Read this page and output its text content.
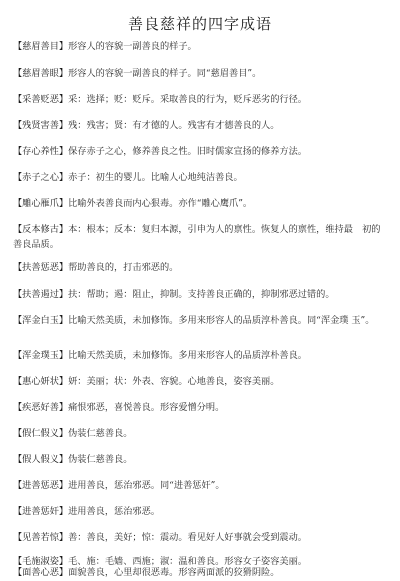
善良慈祥的四字成语
【慈眉善目】形容人的容貌一副善良的样子。
【慈眉善眼】形容人的容貌一副善良的样子。同“慈眉善目”。
【采善贬恶】采：选择；贬：贬斥。采取善良的行为，贬斥恶劣的行径。
【残贤害善】残：残害；贤：有才德的人。残害有才德善良的人。
【存心养性】保存赤子之心，修养善良之性。旧时儒家宣扬的修养方法。
【赤子之心】赤子：初生的婴儿。比喻人心地纯洁善良。
【雕心雁爪】比喻外表善良而内心狠毒。亦作“雕心鹰爪”。
【反本修古】本：根本；反本：复归本源，引申为人的禀性。恢复人的禀性，维持最　初的善良品质。
【扶善惩恶】帮助善良的，打击邪恶的。
【扶善遏过】扶：帮助；遏：阻止，抑制。支持善良正确的，抑制邪恶过错的。
【浑金白玉】比喻天然美质，未加修饰。多用来形容人的品质淳朴善良。同“浑金璞 玉”。
【浑金璞玉】比喻天然美质，未加修饰。多用来形容人的品质淳朴善良。
【惠心妍状】妍：美丽；状：外表、容貌。心地善良，姿容美丽。
【疾恶好善】痛恨邪恶，喜悦善良。形容爱憎分明。
【假仁假义】伪装仁慈善良。
【假人假义】伪装仁慈善良。
【进善惩恶】进用善良，惩治邪恶。同“进善惩奸”。
【进善惩奸】进用善良，惩治邪恶。
【见善若惊】善：善良，美好；惊：震动。看见好人好事就会受到震动。
【毛施淑姿】毛、施：毛嫱、西施；淑：温和善良。形容女子姿容美丽。
【面善心恶】面貌善良，心里却很恶毒。形容两面派的狡猾阴险。
